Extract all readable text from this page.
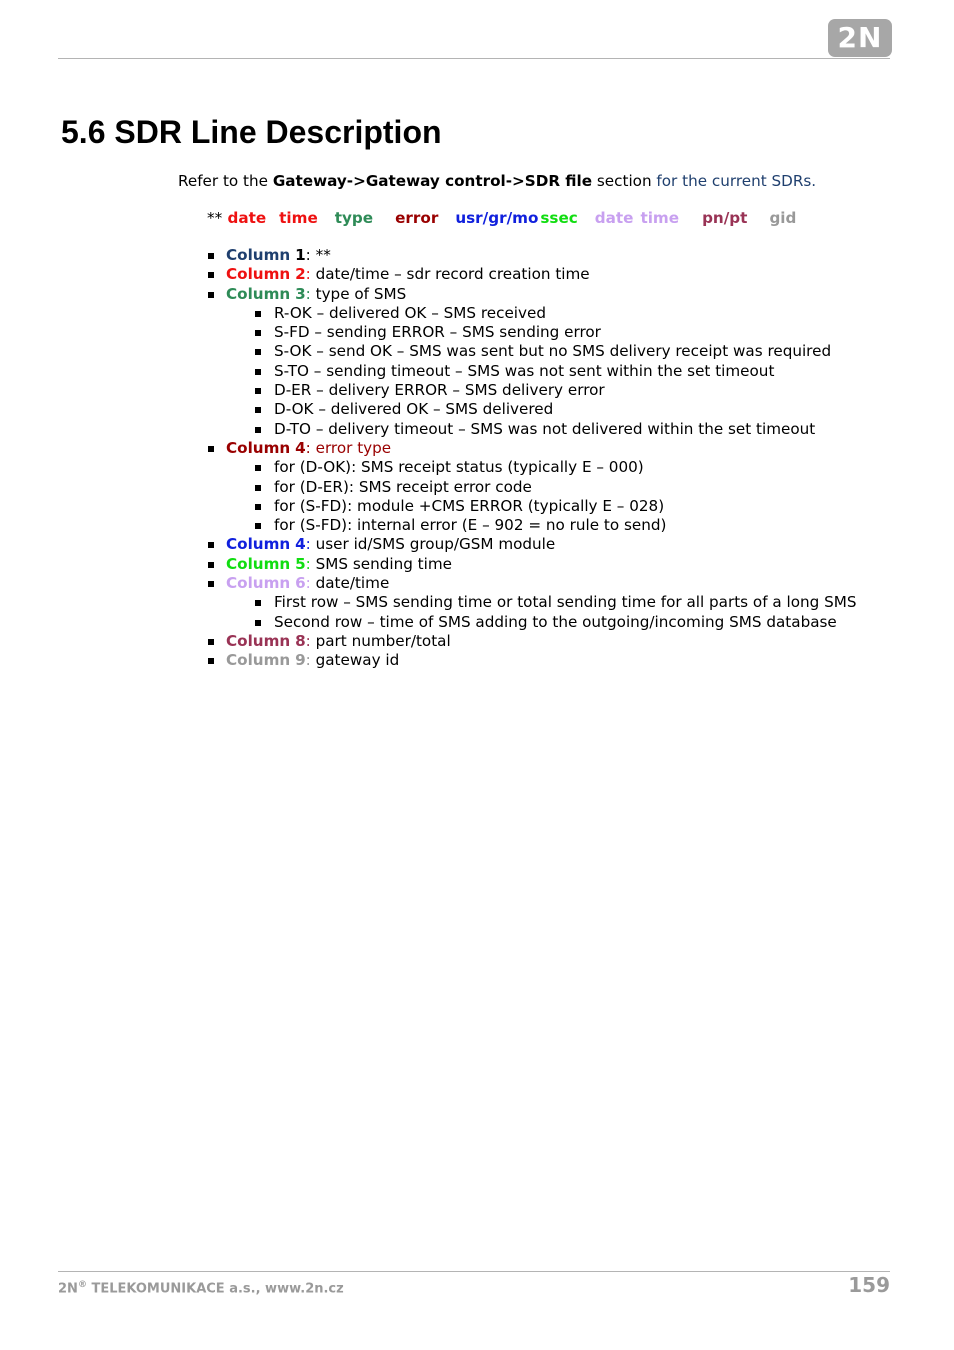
2N
5.6 SDR Line Description
Refer to the Gateway->Gateway control->SDR file section for the current SDRs.
** date time type error usr/gr/mo ssec date time pn/pt gid
Column 1: **
Column 2: date/time – sdr record creation time
Column 3: type of SMS
R-OK – delivered OK – SMS received
S-FD – sending ERROR – SMS sending error
S-OK – send OK – SMS was sent but no SMS delivery receipt was required
S-TO – sending timeout – SMS was not sent within the set timeout
D-ER – delivery ERROR – SMS delivery error
D-OK – delivered OK – SMS delivered
D-TO – delivery timeout – SMS was not delivered within the set timeout
Column 4: error type
for (D-OK): SMS receipt status (typically E – 000)
for (D-ER): SMS receipt error code
for (S-FD): module +CMS ERROR (typically E – 028)
for (S-FD): internal error (E – 902 = no rule to send)
Column 4: user id/SMS group/GSM module
Column 5: SMS sending time
Column 6: date/time
First row – SMS sending time or total sending time for all parts of a long SMS
Second row – time of SMS adding to the outgoing/incoming SMS database
Column 8: part number/total
Column 9: gateway id
2N® TELEKOMUNIKACE a.s., www.2n.cz	159
